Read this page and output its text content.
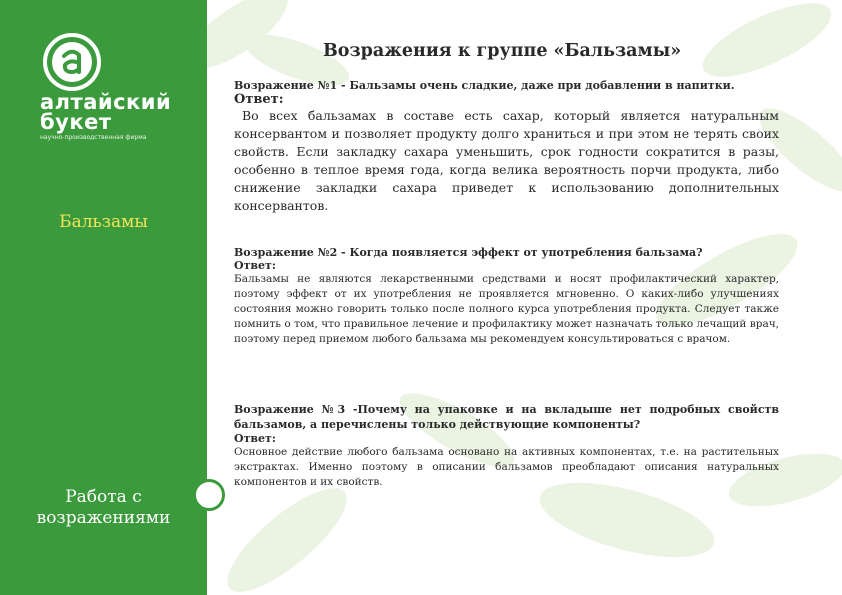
алтайский
букет
научно-производственная фирма
Бальзамы
Работа с возражениями
Возражения к группе «Бальзамы»
Возражение №1 - Бальзамы очень сладкие, даже при добавлении в напитки.
Ответ:
Во всех бальзамах в составе есть сахар, который является натуральным консервантом и позволяет продукту долго храниться и при этом не терять своих свойств. Если закладку сахара уменьшить, срок годности сократится в разы, особенно в теплое время года, когда велика вероятность порчи продукта, либо снижение закладки сахара приведет к использованию дополнительных консервантов.
Возражение №2 - Когда появляется эффект от употребления бальзама?
Ответ:
Бальзамы не являются лекарственными средствами и носят профилактический характер, поэтому эффект от их употребления не проявляется мгновенно. О каких-либо улучшениях состояния можно говорить только после полного курса употребления продукта. Следует также помнить о том, что правильное лечение и профилактику может назначать только лечащий врач, поэтому перед приемом любого бальзама мы рекомендуем консультироваться с врачом.
Возражение №3 -Почему на упаковке и на вкладыше нет подробных свойств бальзамов, а перечислены только действующие компоненты?
Ответ:
Основное действие любого бальзама основано на активных компонентах, т.е. на растительных экстрактах. Именно поэтому в описании бальзамов преобладают описания натуральных компонентов и их свойств.
